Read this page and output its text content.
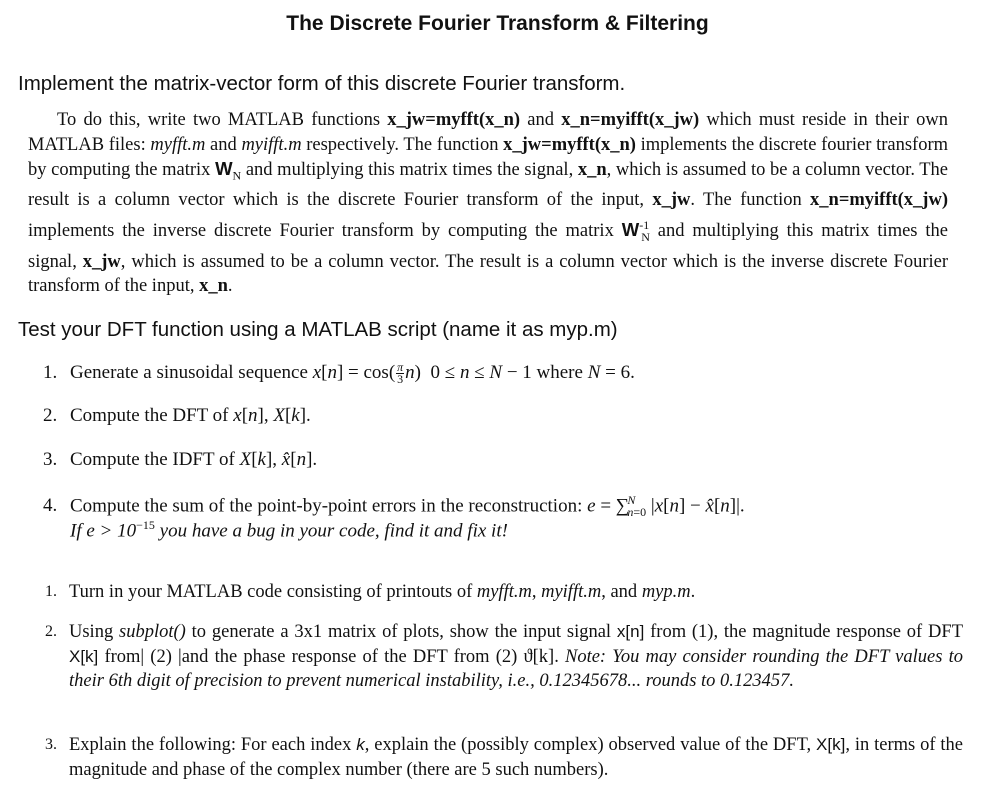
The Discrete Fourier Transform & Filtering
Implement the matrix-vector form of this discrete Fourier transform.

To do this, write two MATLAB functions x_jw=myfft(x_n) and x_n=myifft(x_jw) which must reside in their own MATLAB files: myfft.m and myifft.m respectively. The function x_jw=myfft(x_n) implements the discrete fourier transform by computing the matrix $W_N$ and multiplying this matrix times the signal, x_n, which is assumed to be a column vector. The result is a column vector which is the discrete Fourier transform of the input, x_jw. The function x_n=myifft(x_jw) implements the inverse discrete Fourier transform by computing the matrix $W^{-1}_N$ and multiplying this matrix times the signal, x_jw, which is assumed to be a column vector. The result is a column vector which is the inverse discrete Fourier transform of the input, x_n.

Test your DFT function using a MATLAB script (name it as myp.m)
1. Generate a sinusoidal sequence $x[n] = \cos( \frac{\pi}{3} n)$  0 ≤ n ≤ N − 1 where N = 6.
2. Compute the DFT of x[n], X[k].
3. Compute the IDFT of X[k], x̂[n].
4. Compute the sum of the point-by-point errors in the reconstruction: e = ∑$^N_{n=0}$ |x[n] − x̂[n]|.
If $e > 10^{-15}$ you have a bug in your code, find it and fix it!
1. Turn in your MATLAB code consisting of printouts of myfft.m, myifft.m, and myp.m.
2. Using subplot() to generate a 3x1 matrix of plots, show the input signal x[n] from (1), the magnitude response of DFT X[k] from| (2) |and the phase response of the DFT from (2) ϑ[k]. Note: You may consider rounding the DFT values to their 6th digit of precision to prevent numerical instability, i.e., 0.12345678... rounds to 0.123457.
3. Explain the following: For each index k, explain the (possibly complex) observed value of the DFT, X[k], in terms of the magnitude and phase of the complex number (there are 5 such numbers).
